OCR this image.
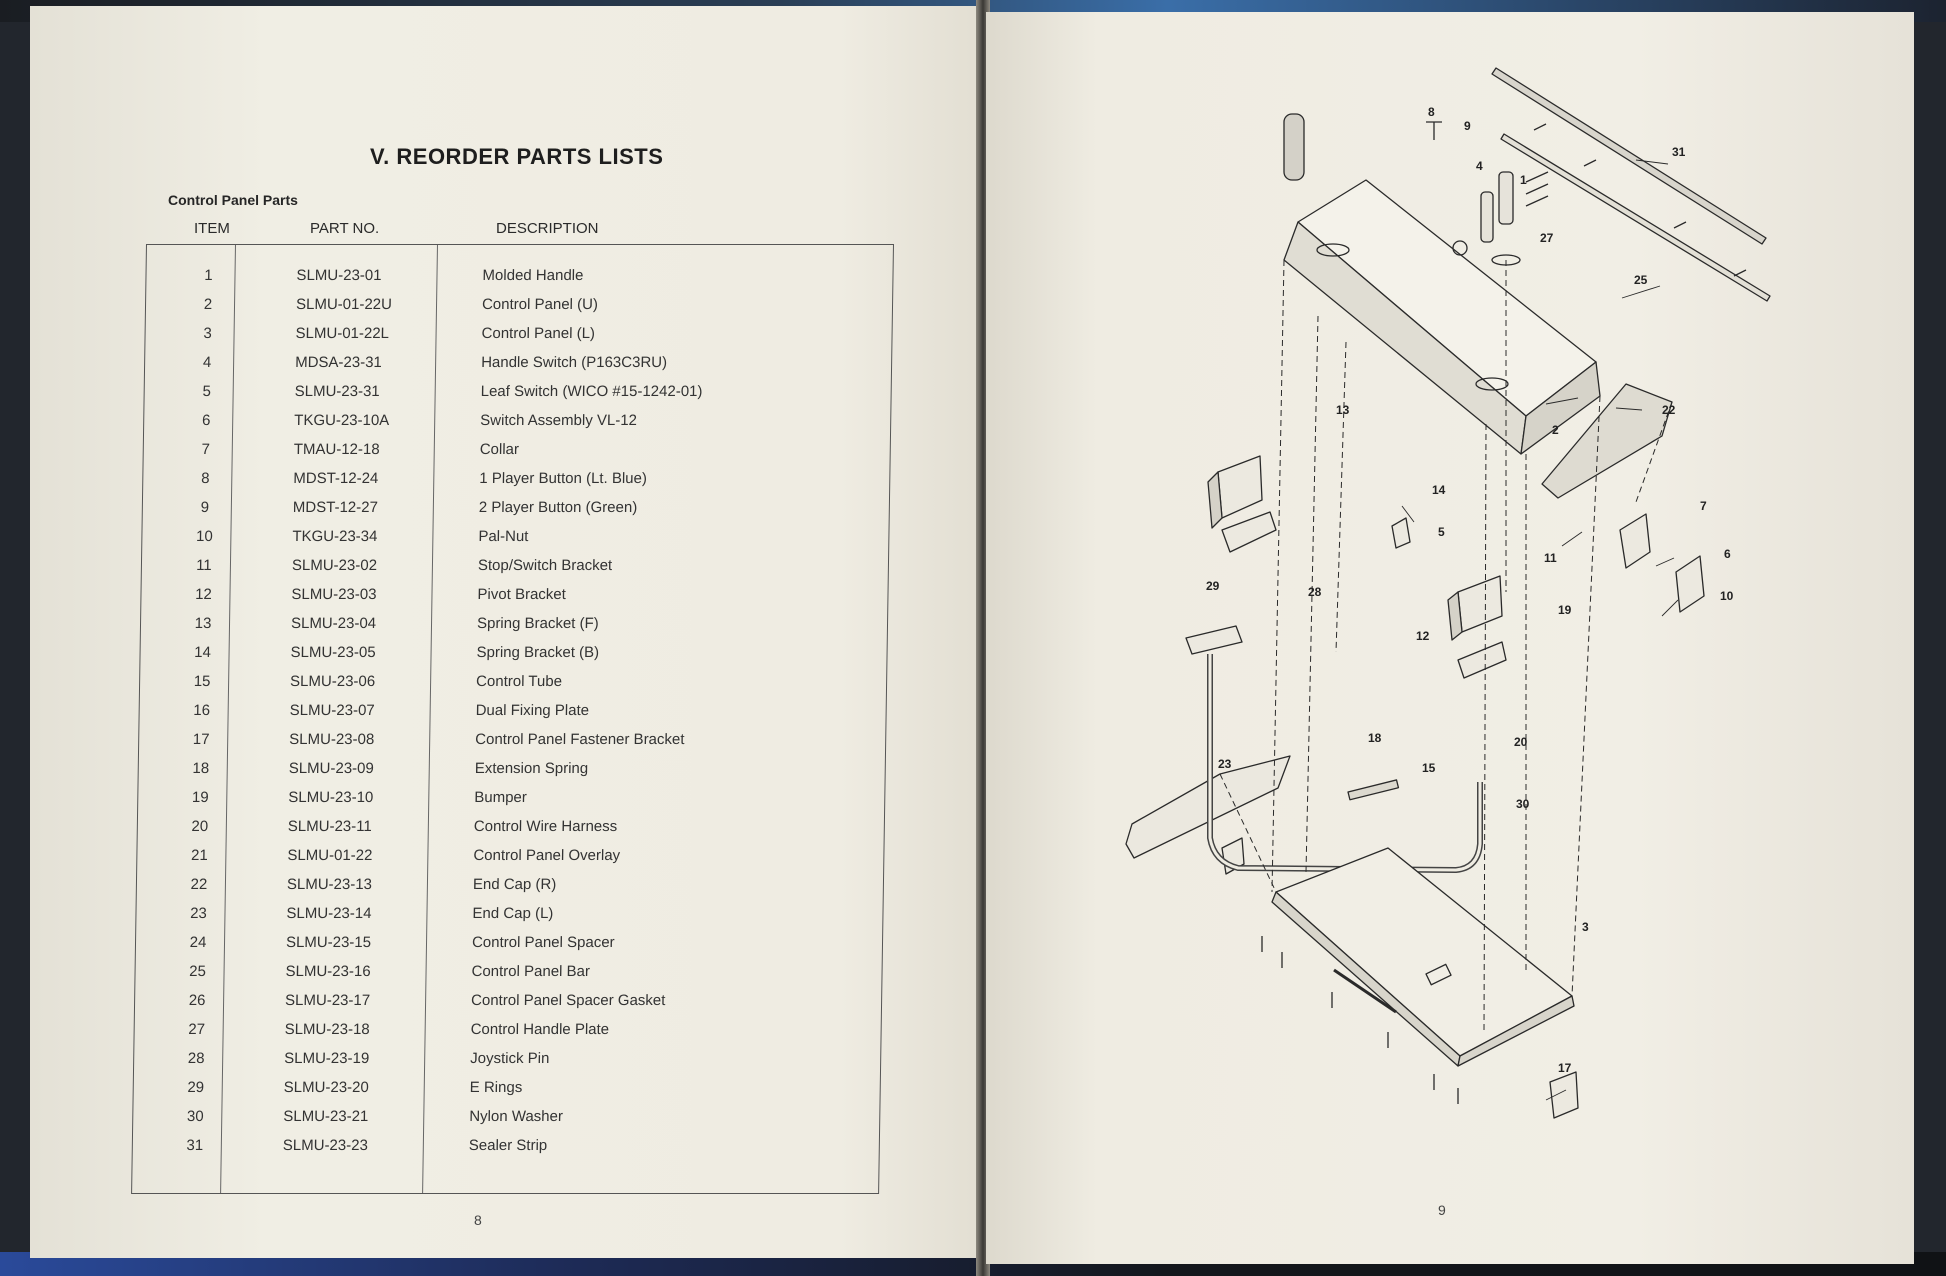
V. REORDER PARTS LISTS
Control Panel Parts
ITEM	PART NO.	DESCRIPTION
1	SLMU-23-01	Molded Handle
2	SLMU-01-22U	Control Panel (U)
3	SLMU-01-22L	Control Panel (L)
4	MDSA-23-31	Handle Switch (P163C3RU)
5	SLMU-23-31	Leaf Switch (WICO #15-1242-01)
6	TKGU-23-10A	Switch Assembly VL-12
7	TMAU-12-18	Collar
8	MDST-12-24	1 Player Button (Lt. Blue)
9	MDST-12-27	2 Player Button (Green)
10	TKGU-23-34	Pal-Nut
11	SLMU-23-02	Stop/Switch Bracket
12	SLMU-23-03	Pivot Bracket
13	SLMU-23-04	Spring Bracket (F)
14	SLMU-23-05	Spring Bracket (B)
15	SLMU-23-06	Control Tube
16	SLMU-23-07	Dual Fixing Plate
17	SLMU-23-08	Control Panel Fastener Bracket
18	SLMU-23-09	Extension Spring
19	SLMU-23-10	Bumper
20	SLMU-23-11	Control Wire Harness
21	SLMU-01-22	Control Panel Overlay
22	SLMU-23-13	End Cap (R)
23	SLMU-23-14	End Cap (L)
24	SLMU-23-15	Control Panel Spacer
25	SLMU-23-16	Control Panel Bar
26	SLMU-23-17	Control Panel Spacer Gasket
27	SLMU-23-18	Control Handle Plate
28	SLMU-23-19	Joystick Pin
29	SLMU-23-20	E Rings
30	SLMU-23-21	Nylon Washer
31	SLMU-23-23	Sealer Strip
8
1
2
3
4
5
6
7
8
9
10
11
12
13
14
15
17
18
19
20
22
23
25
27
28
29
30
31
9
